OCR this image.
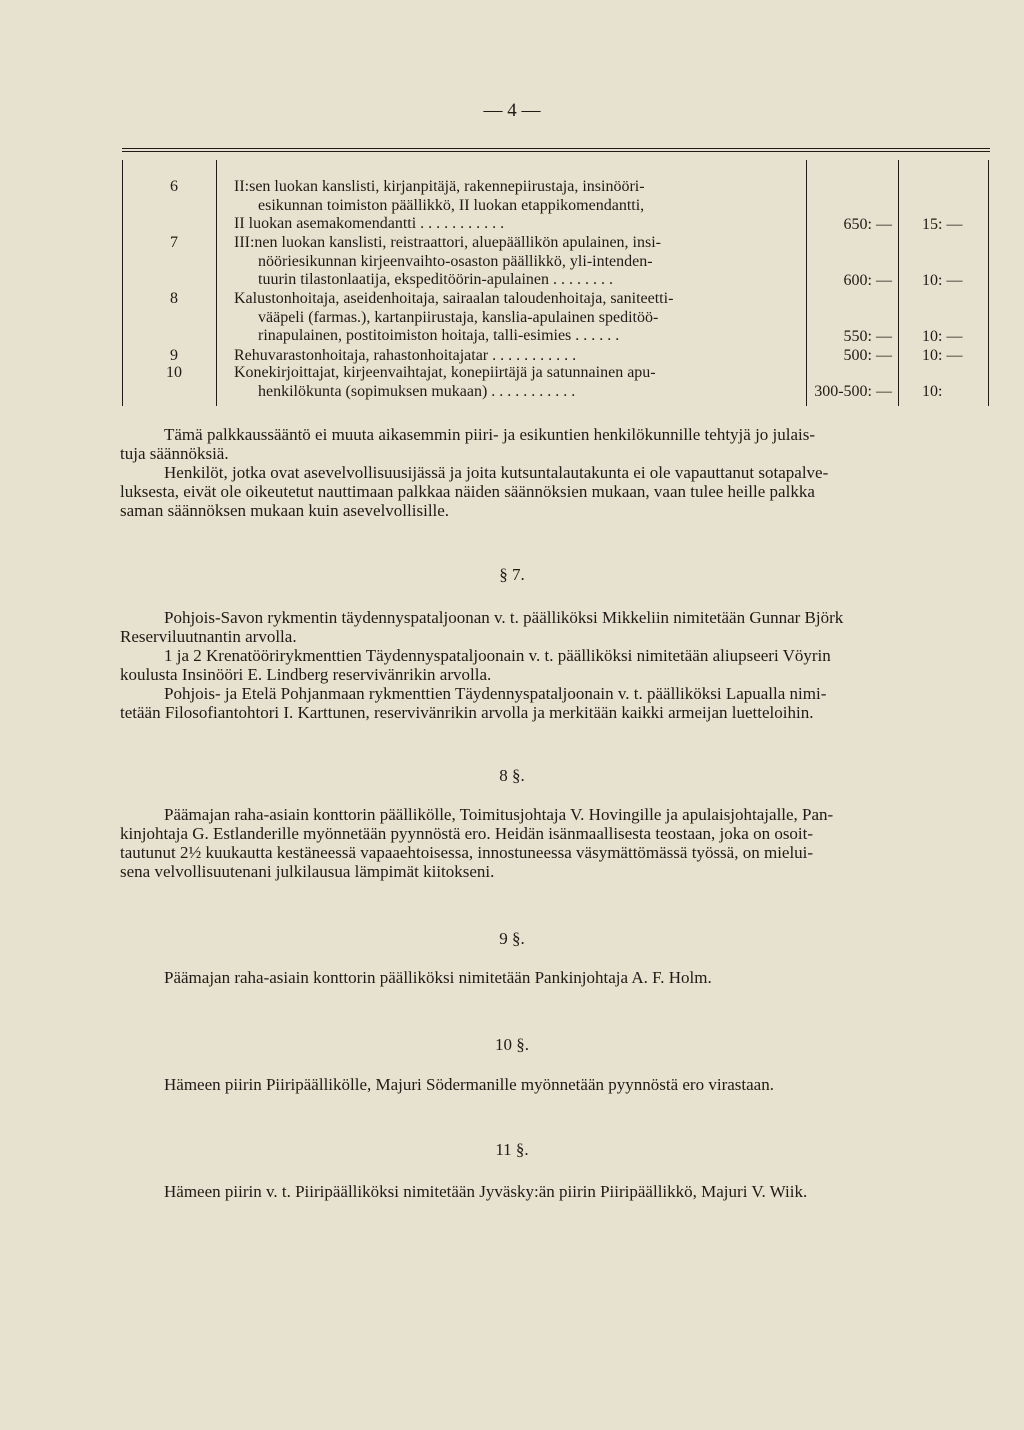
— 4 —
6	II:sen luokan kanslisti, kirjanpitäjä, rakennepiirustaja, insinööri-
esikunnan toimiston päällikkö, II luokan etappikomendantti,
II luokan asemakomendantti . . . . . . . . . . .	650: —	15: —
7	III:nen luokan kanslisti, reistraattori, aluepäällikön apulainen, insi-
nööriesikunnan kirjeenvaihto-osaston päällikkö, yli-intenden-
tuurin tilastonlaatija, ekspeditöörin-apulainen . . . . . . . .	600: —	10: —
8	Kalustonhoitaja, aseidenhoitaja, sairaalan taloudenhoitaja, saniteetti-
vääpeli (farmas.), kartanpiirustaja, kanslia-apulainen speditöö-
rinapulainen, postitoimiston hoitaja, talli-esimies . . . . . .	550: —	10: —
9	Rehuvarastonhoitaja, rahastonhoitajatar . . . . . . . . . . .	500: —	10: —
10	Konekirjoittajat, kirjeenvaihtajat, konepiirtäjä ja satunnainen apu-
henkilökunta (sopimuksen mukaan) . . . . . . . . . . .	300-500: —	10:
Tämä palkkaussääntö ei muuta aikasemmin piiri- ja esikuntien henkilökunnille tehtyjä jo julais-
tuja säännöksiä.
Henkilöt, jotka ovat asevelvollisuusijässä ja joita kutsuntalautakunta ei ole vapauttanut sotapalve-
luksesta, eivät ole oikeutetut nauttimaan palkkaa näiden säännöksien mukaan, vaan tulee heille palkka
saman säännöksen mukaan kuin asevelvollisille.
§ 7.
Pohjois-Savon rykmentin täydennyspataljoonan v. t. päälliköksi Mikkeliin nimitetään Gunnar Björk
Reserviluutnantin arvolla.
1 ja 2 Krenatöörirykmenttien Täydennyspataljoonain v. t. päälliköksi nimitetään aliupseeri Vöyrin
koulusta Insinööri E. Lindberg reservivänrikin arvolla.
Pohjois- ja Etelä Pohjanmaan rykmenttien Täydennyspataljoonain v. t. päälliköksi Lapualla nimi-
tetään Filosofiantohtori I. Karttunen, reservivänrikin arvolla ja merkitään kaikki armeijan luetteloihin.
8 §.
Päämajan raha-asiain konttorin päällikölle, Toimitusjohtaja V. Hovingille ja apulaisjohtajalle, Pan-
kinjohtaja G. Estlanderille myönnetään pyynnöstä ero. Heidän isänmaallisesta teostaan, joka on osoit-
tautunut 2½ kuukautta kestäneessä vapaaehtoisessa, innostuneessa väsymättömässä työssä, on mielui-
sena velvollisuutenani julkilausua lämpimät kiitokseni.
9 §.
Päämajan raha-asiain konttorin päälliköksi nimitetään Pankinjohtaja A. F. Holm.
10 §.
Hämeen piirin Piiripäällikölle, Majuri Södermanille myönnetään pyynnöstä ero virastaan.
11 §.
Hämeen piirin v. t. Piiripäälliköksi nimitetään Jyväsky:än piirin Piiripäällikkö, Majuri V. Wiik.
